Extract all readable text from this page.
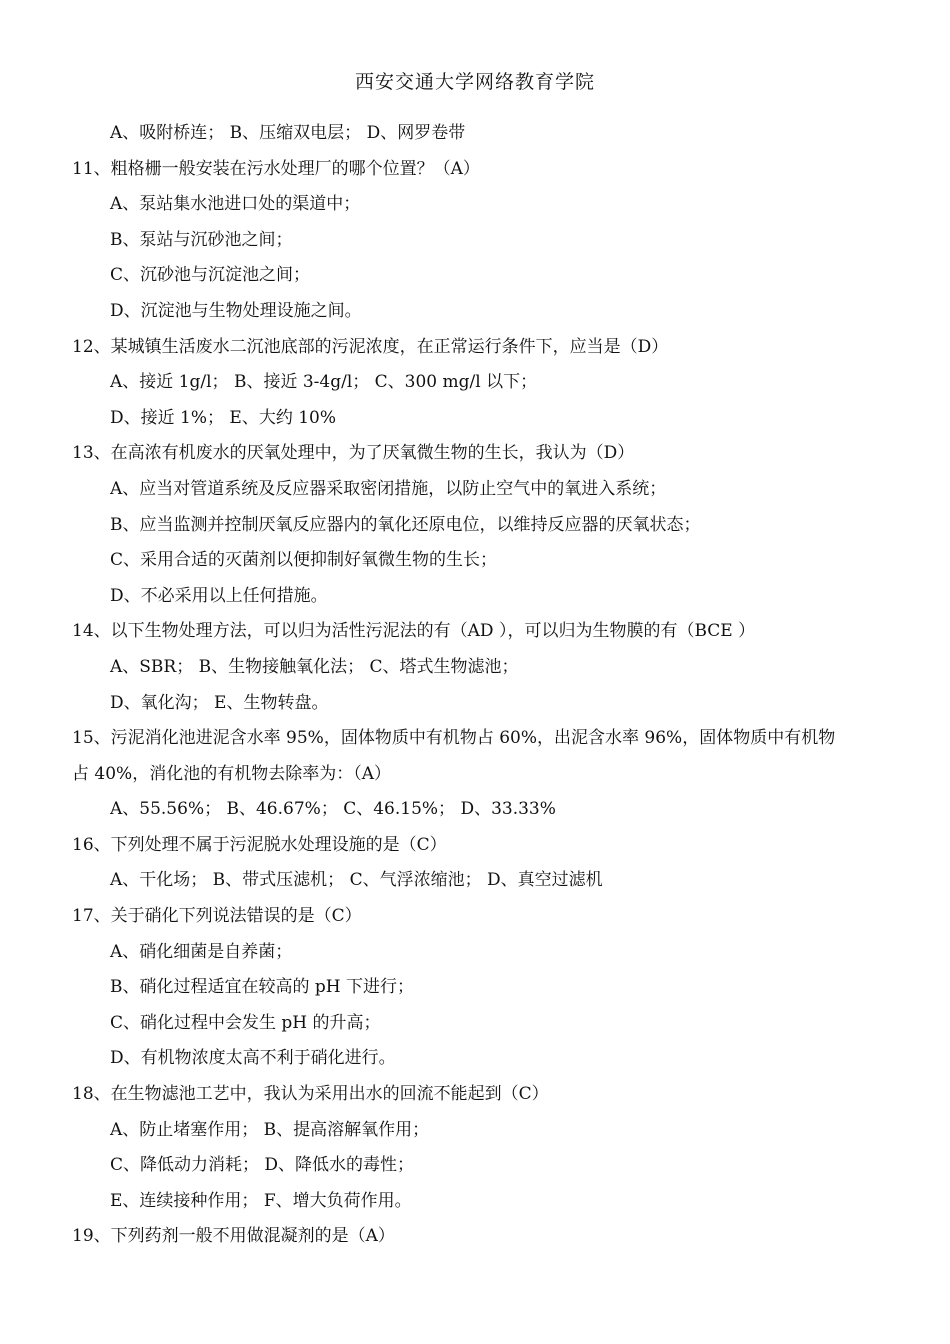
西安交通大学网络教育学院
A、吸附桥连； B、压缩双电层； D、网罗卷带
11、粗格栅一般安装在污水处理厂的哪个位置？（A）
A、泵站集水池进口处的渠道中；
B、泵站与沉砂池之间；
C、沉砂池与沉淀池之间；
D、沉淀池与生物处理设施之间。
12、某城镇生活废水二沉池底部的污泥浓度，在正常运行条件下，应当是（D）
A、接近 1g/l； B、接近 3-4g/l； C、300 mg/l 以下；
D、接近 1%； E、大约 10%
13、在高浓有机废水的厌氧处理中，为了厌氧微生物的生长，我认为（D）
A、应当对管道系统及反应器采取密闭措施，以防止空气中的氧进入系统；
B、应当监测并控制厌氧反应器内的氧化还原电位，以维持反应器的厌氧状态；
C、采用合适的灭菌剂以便抑制好氧微生物的生长；
D、不必采用以上任何措施。
14、以下生物处理方法，可以归为活性污泥法的有（AD ），可以归为生物膜的有（BCE ）
A、SBR； B、生物接触氧化法； C、塔式生物滤池；
D、氧化沟； E、生物转盘。
15、污泥消化池进泥含水率 95%，固体物质中有机物占 60%，出泥含水率 96%，固体物质中有机物
占 40%，消化池的有机物去除率为：（A）
A、55.56%； B、46.67%； C、46.15%； D、33.33%
16、下列处理不属于污泥脱水处理设施的是（C）
A、干化场； B、带式压滤机； C、气浮浓缩池； D、真空过滤机
17、关于硝化下列说法错误的是（C）
A、硝化细菌是自养菌；
B、硝化过程适宜在较高的 pH 下进行；
C、硝化过程中会发生 pH 的升高；
D、有机物浓度太高不利于硝化进行。
18、在生物滤池工艺中，我认为采用出水的回流不能起到（C）
A、防止堵塞作用； B、提高溶解氧作用；
C、降低动力消耗； D、降低水的毒性；
E、连续接种作用； F、增大负荷作用。
19、下列药剂一般不用做混凝剂的是（A）
